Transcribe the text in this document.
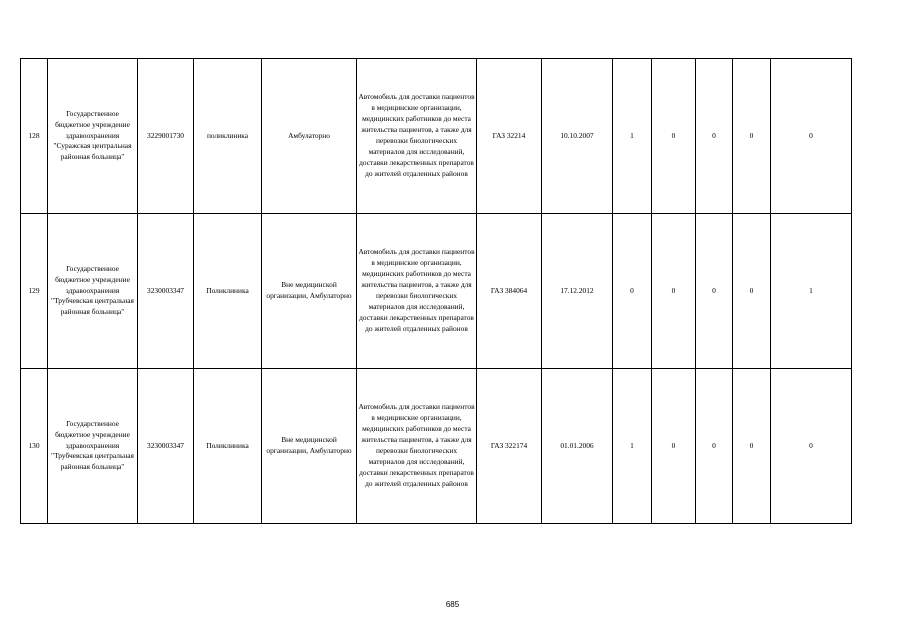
128	Государственное бюджетное учреждение здравоохранения "Суражская центральная районная больница"	3229001730	поликлиника	Амбулаторно	Автомобиль для доставки пациентов в медицинские организации, медицинских работников до места жительства пациентов, а также для перевозки биологических материалов для исследований, доставки лекарственных препаратов до жителей отдаленных районов	ГАЗ 32214	10.10.2007	1	0	0	0	0
129	Государственное бюджетное учреждение здравоохранения "Трубчевская центральная районная больница"	3230003347	Поликлиника	Вне медицинской организации, Амбулаторно	Автомобиль для доставки пациентов в медицинские организации, медицинских работников до места жительства пациентов, а также для перевозки биологических материалов для исследований, доставки лекарственных препаратов до жителей отдаленных районов	ГАЗ 384064	17.12.2012	0	0	0	0	1
130	Государственное бюджетное учреждение здравоохранения "Трубчевская центральная районная больница"	3230003347	Поликлиника	Вне медицинской организации, Амбулаторно	Автомобиль для доставки пациентов в медицинские организации, медицинских работников до места жительства пациентов, а также для перевозки биологических материалов для исследований, доставки лекарственных препаратов до жителей отдаленных районов	ГАЗ 322174	01.01.2006	1	0	0	0	0
685
